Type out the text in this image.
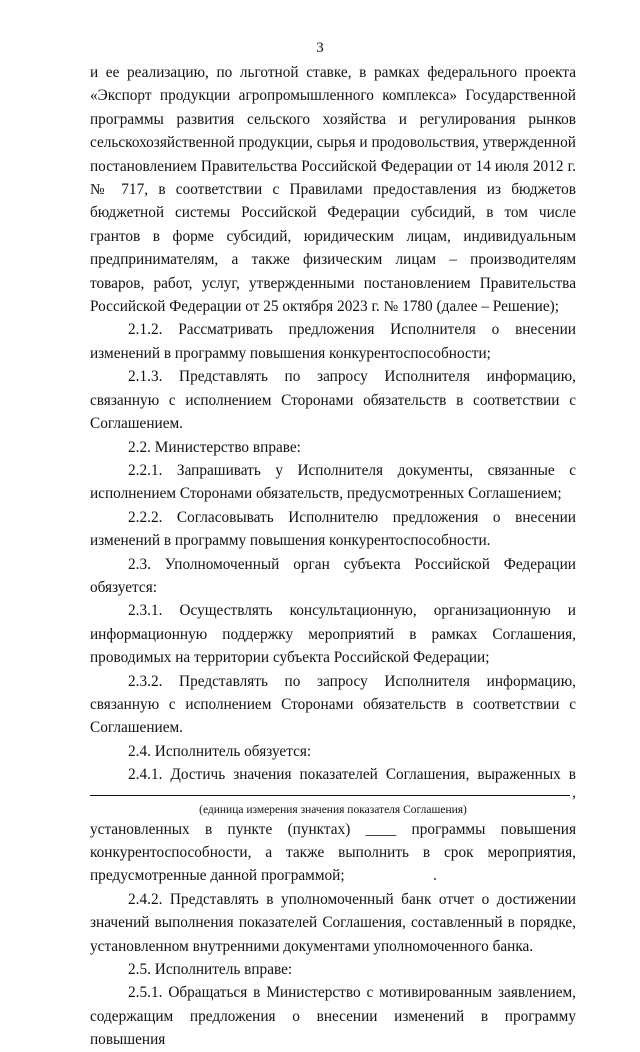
3

и ее реализацию, по льготной ставке, в рамках федерального проекта «Экспорт продукции агропромышленного комплекса» Государственной программы развития сельского хозяйства и регулирования рынков сельскохозяйственной продукции, сырья и продовольствия, утвержденной постановлением Правительства Российской Федерации от 14 июля 2012 г. № 717, в соответствии с Правилами предоставления из бюджетов бюджетной системы Российской Федерации субсидий, в том числе грантов в форме субсидий, юридическим лицам, индивидуальным предпринимателям, а также физическим лицам – производителям товаров, работ, услуг, утвержденными постановлением Правительства Российской Федерации от 25 октября 2023 г. № 1780 (далее – Решение);

2.1.2. Рассматривать предложения Исполнителя о внесении изменений в программу повышения конкурентоспособности;

2.1.3. Представлять по запросу Исполнителя информацию, связанную с исполнением Сторонами обязательств в соответствии с Соглашением.

2.2. Министерство вправе:

2.2.1. Запрашивать у Исполнителя документы, связанные с исполнением Сторонами обязательств, предусмотренных Соглашением;

2.2.2. Согласовывать Исполнителю предложения о внесении изменений в программу повышения конкурентоспособности.

2.3. Уполномоченный орган субъекта Российской Федерации обязуется:

2.3.1. Осуществлять консультационную, организационную и информационную поддержку мероприятий в рамках Соглашения, проводимых на территории субъекта Российской Федерации;

2.3.2. Представлять по запросу Исполнителя информацию, связанную с исполнением Сторонами обязательств в соответствии с Соглашением.

2.4. Исполнитель обязуется:

2.4.1. Достичь значения показателей Соглашения, выраженных в

,
(единица измерения значения показателя Соглашения)

установленных в пункте (пунктах) ____ программы повышения конкурентоспособности, а также выполнить в срок мероприятия, предусмотренные данной программой;

2.4.2. Представлять в уполномоченный банк отчет о достижении значений выполнения показателей Соглашения, составленный в порядке, установленном внутренними документами уполномоченного банка.

2.5. Исполнитель вправе:

2.5.1. Обращаться в Министерство с мотивированным заявлением, содержащим предложения о внесении изменений в программу повышения
